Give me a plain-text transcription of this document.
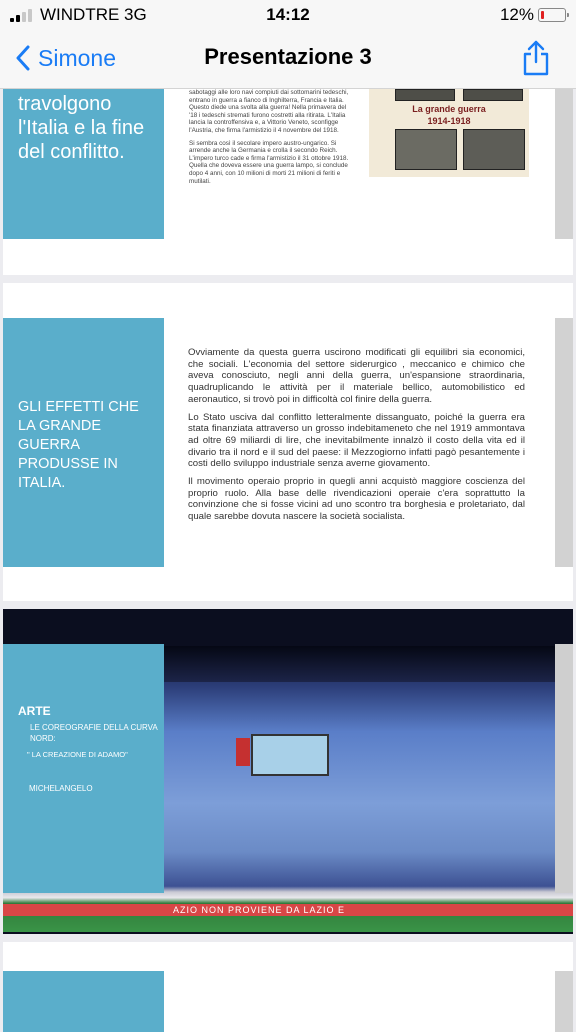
WINDTRE 3G	14:12	12%
Simone	Presentazione 3
travolgono l'Italia e la fine del conflitto.

sabotaggi alle loro navi compiuti dai sottomarini tedeschi, entrano in guerra a fianco di Inghilterra, Francia e Italia. Questo diede una svolta alla guerra! Nella primavera del '18 i tedeschi stremati furono costretti alla ritirata. L'Italia lancia la controffensiva e, a Vittorio Veneto, sconfigge l'Austria, che firma l'armistizio il 4 novembre del 1918.

Si sembra così il secolare impero austro-ungarico. Si arrende anche la Germania e crolla il secondo Reich. L'impero turco cade e firma l'armistizio il 31 ottobre 1918. Quella che doveva essere una guerra lampo, si conclude dopo 4 anni, con 10 milioni di morti 21 milioni di feriti e mutilati.

La grande guerra
1914-1918
GLI EFFETTI CHE LA GRANDE GUERRA PRODUSSE IN ITALIA.

Ovviamente da questa guerra uscirono modificati gli equilibri sia economici, che sociali. L'economia del settore siderurgico , meccanico e chimico che aveva conosciuto, negli anni della guerra, un'espansione straordinaria, quadruplicando le attività per il materiale bellico, automobilistico ed aeronautico, si trovò poi in difficoltà col finire della guerra.

Lo Stato usciva dal conflitto letteralmente dissanguato, poiché la guerra era stata finanziata attraverso un grosso indebitameneto che nel 1919 ammontava ad oltre 69 miliardi di lire, che inevitabilmente innalzò il costo della vita ed il divario tra il nord e il sud del paese: il Mezzogiorno infatti pagò pesantemente i costi dello sviluppo industriale senza averne giovamento.

Il movimento operaio proprio in quegli anni acquistò maggiore coscienza del proprio ruolo. Alla base delle rivendicazioni operaie c'era soprattutto la convinzione che si fosse vicini ad uno scontro tra borghesia e proletariato, dal quale sarebbe dovuta nascere la società socialista.

AZIO NON PROVIENE DA LAZIO E
ARTE
LE COREOGRAFIE DELLA CURVA NORD:
" LA CREAZIONE DI ADAMO"
MICHELANGELO
